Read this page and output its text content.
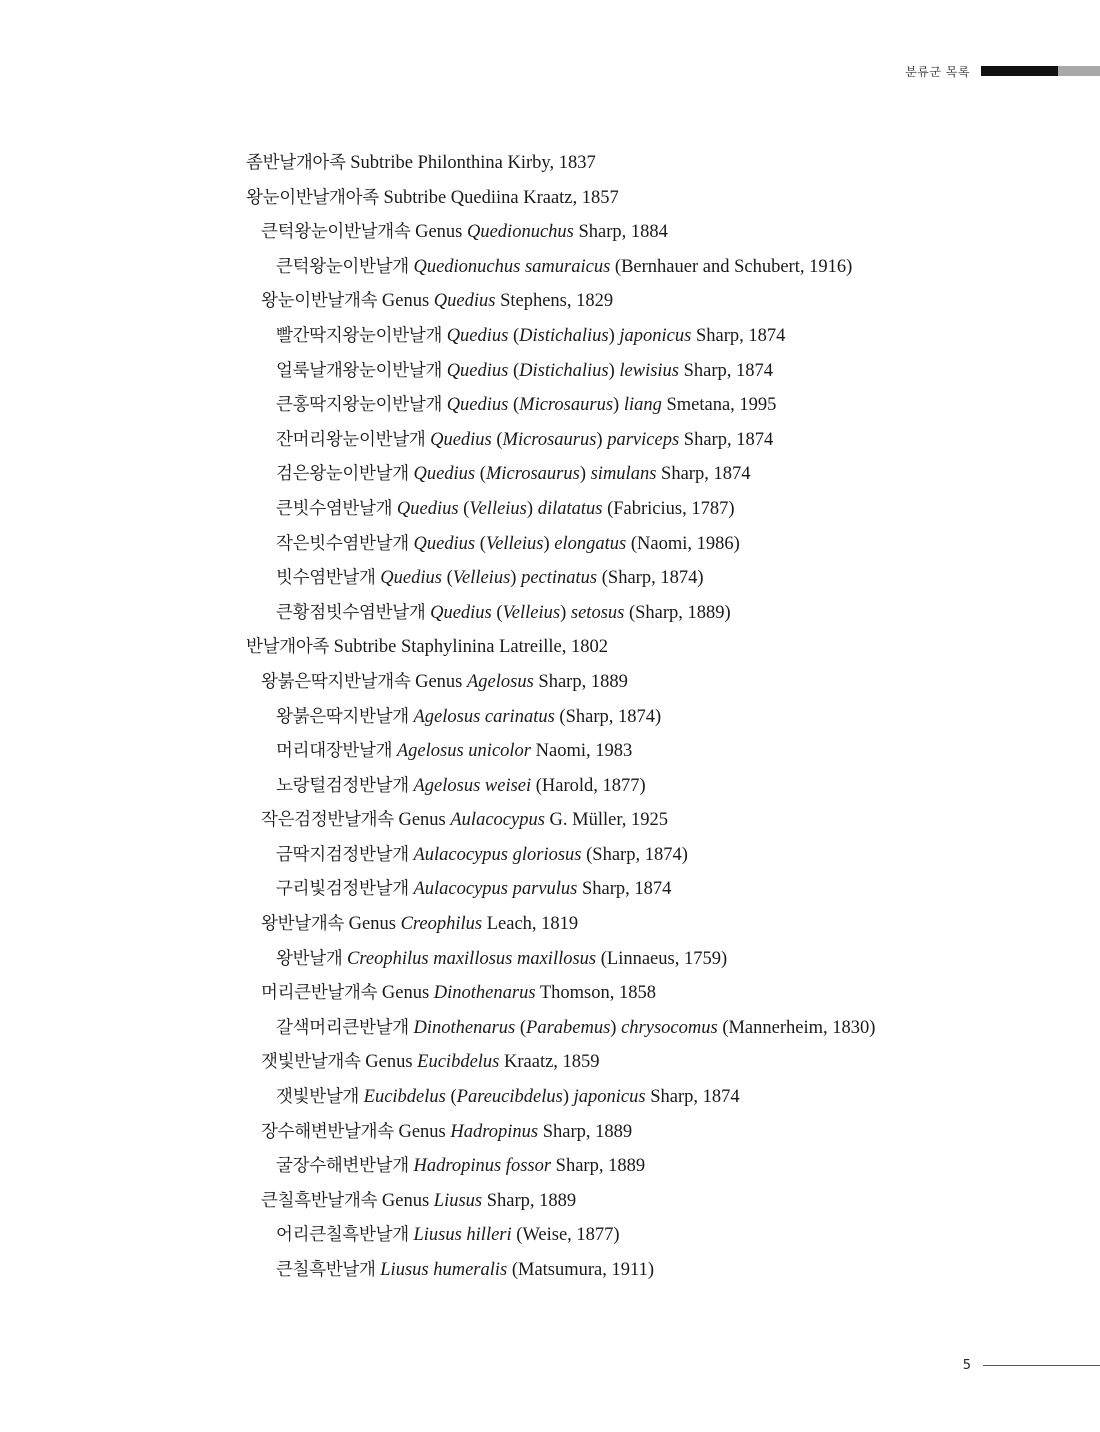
분류군 목록
좀반날개아족 Subtribe Philonthina Kirby, 1837
왕눈이반날개아족 Subtribe Quediina Kraatz, 1857
큰턱왕눈이반날개속 Genus Quedionuchus Sharp, 1884
큰턱왕눈이반날개 Quedionuchus samuraicus (Bernhauer and Schubert, 1916)
왕눈이반날개속 Genus Quedius Stephens, 1829
빨간딱지왕눈이반날개 Quedius (Distichalius) japonicus Sharp, 1874
얼룩날개왕눈이반날개 Quedius (Distichalius) lewisius Sharp, 1874
큰홍딱지왕눈이반날개 Quedius (Microsaurus) liang Smetana, 1995
잔머리왕눈이반날개 Quedius (Microsaurus) parviceps Sharp, 1874
검은왕눈이반날개 Quedius (Microsaurus) simulans Sharp, 1874
큰빗수염반날개 Quedius (Velleius) dilatatus (Fabricius, 1787)
작은빗수염반날개 Quedius (Velleius) elongatus (Naomi, 1986)
빗수염반날개 Quedius (Velleius) pectinatus (Sharp, 1874)
큰황점빗수염반날개 Quedius (Velleius) setosus (Sharp, 1889)
반날개아족 Subtribe Staphylinina Latreille, 1802
왕붉은딱지반날개속 Genus Agelosus Sharp, 1889
왕붉은딱지반날개 Agelosus carinatus (Sharp, 1874)
머리대장반날개 Agelosus unicolor Naomi, 1983
노랑털검정반날개 Agelosus weisei (Harold, 1877)
작은검정반날개속 Genus Aulacocypus G. Müller, 1925
금딱지검정반날개 Aulacocypus gloriosus (Sharp, 1874)
구리빛검정반날개 Aulacocypus parvulus Sharp, 1874
왕반날개속 Genus Creophilus Leach, 1819
왕반날개 Creophilus maxillosus maxillosus (Linnaeus, 1759)
머리큰반날개속 Genus Dinothenarus Thomson, 1858
갈색머리큰반날개 Dinothenarus (Parabemus) chrysocomus (Mannerheim, 1830)
잿빛반날개속 Genus Eucibdelus Kraatz, 1859
잿빛반날개 Eucibdelus (Pareucibdelus) japonicus Sharp, 1874
장수해변반날개속 Genus Hadropinus Sharp, 1889
굴장수해변반날개 Hadropinus fossor Sharp, 1889
큰칠흑반날개속 Genus Liusus Sharp, 1889
어리큰칠흑반날개 Liusus hilleri (Weise, 1877)
큰칠흑반날개 Liusus humeralis (Matsumura, 1911)
5
